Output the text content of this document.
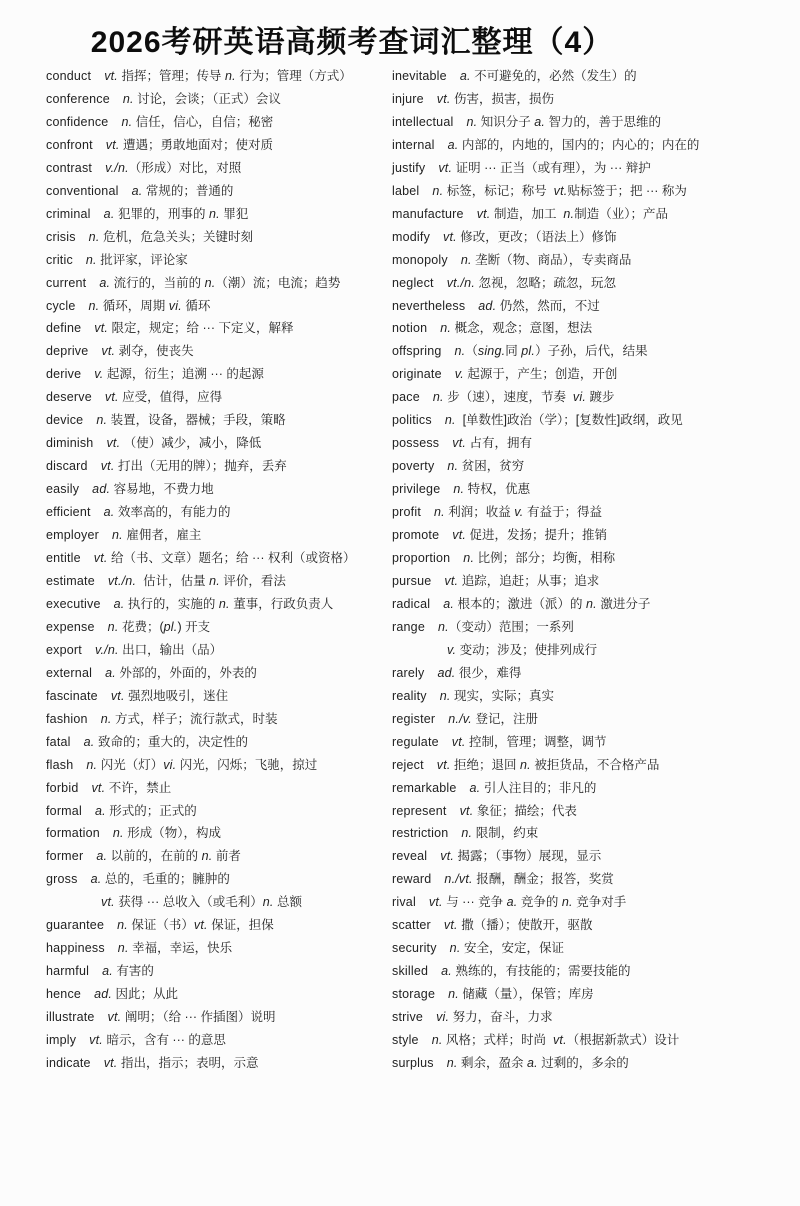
2026考研英语高频考查词汇整理（4）
conduct vt. 指挥；管理；传导 n. 行为；管理（方式）
conference n. 讨论，会谈；（正式）会议
confidence n. 信任，信心，自信；秘密
confront vt. 遭遇；勇敢地面对；使对质
contrast v./n.（形成）对比，对照
conventional a. 常规的；普通的
criminal a. 犯罪的，刑事的 n. 罪犯
crisis n. 危机，危急关头；关键时刻
critic n. 批评家，评论家
current a. 流行的，当前的 n.（潮）流；电流；趋势
cycle n. 循环，周期 vi. 循环
define vt. 限定，规定；给 ··· 下定义，解释
deprive vt. 剥夺，使丧失
derive v. 起源，衍生；追溯 ··· 的起源
deserve vt. 应受，值得，应得
device n. 装置，设备，器械；手段，策略
diminish vt. （使）减少，减小，降低
discard vt. 打出（无用的牌）；抛弃，丢弃
easily ad. 容易地，不费力地
efficient a. 效率高的，有能力的
employer n. 雇佣者，雇主
entitle vt. 给（书、文章）题名；给 ··· 权利（或资格）
estimate vt./n.  估计，估量 n. 评价，看法
executive a. 执行的，实施的 n. 董事，行政负责人
expense n. 花费；(pl.) 开支
export v./n. 出口，输出（品）
external a. 外部的，外面的，外表的
fascinate vt. 强烈地吸引，迷住
fashion n. 方式，样子；流行款式，时装
fatal a. 致命的；重大的，决定性的
flash n. 闪光（灯）vi. 闪光，闪烁；飞驰，掠过
forbid vt. 不许，禁止
formal a. 形式的；正式的
formation n. 形成（物），构成
former a. 以前的，在前的 n. 前者
gross a. 总的，毛重的；臃肿的
vt. 获得 ··· 总收入（或毛利）n. 总额
guarantee n. 保证（书）vt. 保证，担保
happiness n. 幸福，幸运，快乐
harmful a. 有害的
hence ad. 因此；从此
illustrate vt. 阐明；（给 ··· 作插图）说明
imply vt. 暗示，含有 ··· 的意思
indicate vt. 指出，指示；表明，示意
inevitable a. 不可避免的，必然（发生）的
injure vt. 伤害，损害，损伤
intellectual n. 知识分子 a. 智力的，善于思维的
internal a. 内部的，内地的，国内的；内心的；内在的
justify vt. 证明 ··· 正当（或有理），为 ··· 辩护
label n. 标签，标记；称号  vt.贴标签于；把 ··· 称为
manufacture vt. 制造，加工  n.制造（业）；产品
modify vt. 修改，更改；（语法上）修饰
monopoly n. 垄断（物、商品），专卖商品
neglect vt./n. 忽视，忽略；疏忽，玩忽
nevertheless ad. 仍然，然而，不过
notion n. 概念，观念；意图，想法
offspring n.（sing.同 pl.）子孙，后代，结果
originate v. 起源于，产生；创造，开创
pace n. 步（速），速度，节奏  vi. 踱步
politics n.  [单数性]政治（学）；[复数性]政纲，政见
possess vt. 占有，拥有
poverty n. 贫困，贫穷
privilege n. 特权，优惠
profit n. 利润；收益 v. 有益于；得益
promote vt. 促进，发扬；提升；推销
proportion n. 比例；部分；均衡，相称
pursue vt. 追踪，追赶；从事；追求
radical a. 根本的；激进（派）的 n. 激进分子
range n.（变动）范围；一系列
v. 变动；涉及；使排列成行
rarely ad. 很少，难得
reality n. 现实，实际；真实
register n./v. 登记，注册
regulate vt. 控制，管理；调整，调节
reject vt. 拒绝；退回 n. 被拒货品，不合格产品
remarkable a. 引人注目的；非凡的
represent vt. 象征；描绘；代表
restriction n. 限制，约束
reveal vt. 揭露；（事物）展现，显示
reward n./vt. 报酬，酬金；报答，奖赏
rival vt. 与 ··· 竞争 a. 竞争的 n. 竞争对手
scatter vt. 撒（播）；使散开，驱散
security n. 安全，安定，保证
skilled a. 熟练的，有技能的；需要技能的
storage n. 储藏（量），保管；库房
strive vi. 努力，奋斗，力求
style n. 风格；式样；时尚  vt.（根据新款式）设计
surplus n. 剩余，盈余 a. 过剩的，多余的
